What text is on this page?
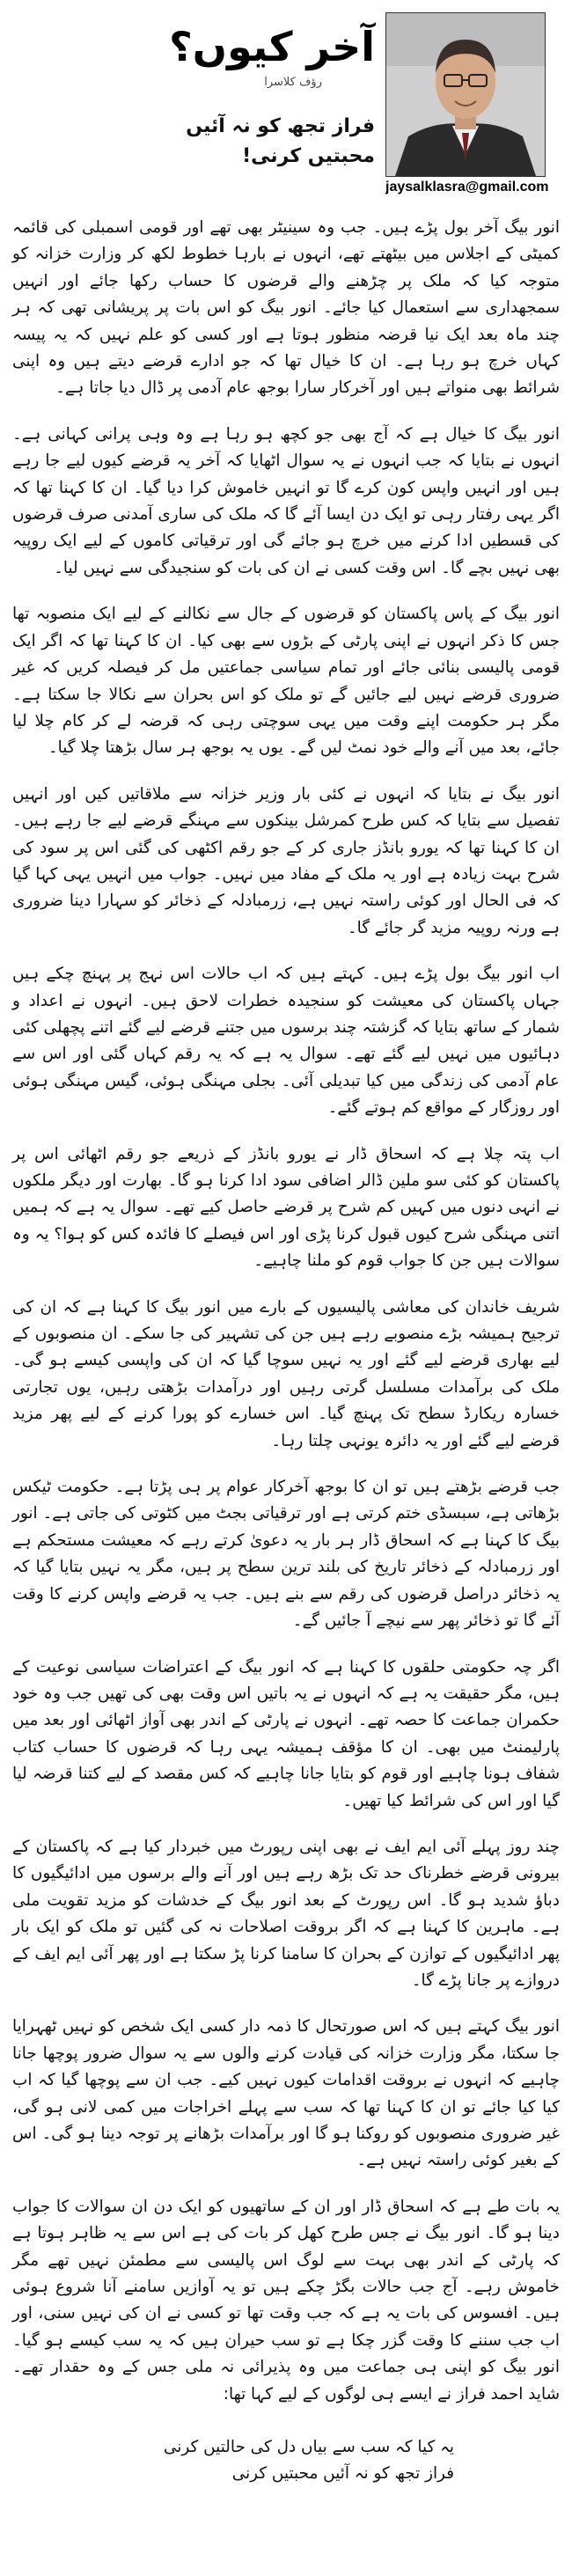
jaysalklasra@gmail.com
آخر کیوں؟
رؤف کلاسرا
فراز تجھ کو نہ آئیں محبتیں کرنی!

انور بیگ آخر بول پڑے ہیں۔ جب وہ سینیٹر بھی تھے اور قومی اسمبلی کی قائمہ کمیٹی کے اجلاس میں بیٹھتے تھے، انہوں نے بارہا خطوط لکھ کر وزارت خزانہ کو متوجہ کیا کہ ملک پر چڑھنے والے قرضوں کا حساب رکھا جائے اور انہیں سمجھداری سے استعمال کیا جائے۔ انور بیگ کو اس بات پر پریشانی تھی کہ ہر چند ماہ بعد ایک نیا قرضہ منظور ہوتا ہے اور کسی کو علم نہیں کہ یہ پیسہ کہاں خرچ ہو رہا ہے۔ ان کا خیال تھا کہ جو ادارے قرضے دیتے ہیں وہ اپنی شرائط بھی منواتے ہیں اور آخرکار سارا بوجھ عام آدمی پر ڈال دیا جاتا ہے۔

انور بیگ کا خیال ہے کہ آج بھی جو کچھ ہو رہا ہے وہ وہی پرانی کہانی ہے۔ انہوں نے بتایا کہ جب انہوں نے یہ سوال اٹھایا کہ آخر یہ قرضے کیوں لیے جا رہے ہیں اور انہیں واپس کون کرے گا تو انہیں خاموش کرا دیا گیا۔ ان کا کہنا تھا کہ اگر یہی رفتار رہی تو ایک دن ایسا آئے گا کہ ملک کی ساری آمدنی صرف قرضوں کی قسطیں ادا کرنے میں خرچ ہو جائے گی اور ترقیاتی کاموں کے لیے ایک روپیہ بھی نہیں بچے گا۔ اس وقت کسی نے ان کی بات کو سنجیدگی سے نہیں لیا۔

انور بیگ کے پاس پاکستان کو قرضوں کے جال سے نکالنے کے لیے ایک منصوبہ تھا جس کا ذکر انہوں نے اپنی پارٹی کے بڑوں سے بھی کیا۔ ان کا کہنا تھا کہ اگر ایک قومی پالیسی بنائی جائے اور تمام سیاسی جماعتیں مل کر فیصلہ کریں کہ غیر ضروری قرضے نہیں لیے جائیں گے تو ملک کو اس بحران سے نکالا جا سکتا ہے۔ مگر ہر حکومت اپنے وقت میں یہی سوچتی رہی کہ قرضہ لے کر کام چلا لیا جائے، بعد میں آنے والے خود نمٹ لیں گے۔ یوں یہ بوجھ ہر سال بڑھتا چلا گیا۔

انور بیگ نے بتایا کہ انہوں نے کئی بار وزیر خزانہ سے ملاقاتیں کیں اور انہیں تفصیل سے بتایا کہ کس طرح کمرشل بینکوں سے مہنگے قرضے لیے جا رہے ہیں۔ ان کا کہنا تھا کہ یورو بانڈز جاری کر کے جو رقم اکٹھی کی گئی اس پر سود کی شرح بہت زیادہ ہے اور یہ ملک کے مفاد میں نہیں۔ جواب میں انہیں یہی کہا گیا کہ فی الحال اور کوئی راستہ نہیں ہے، زرمبادلہ کے ذخائر کو سہارا دینا ضروری ہے ورنہ روپیہ مزید گر جائے گا۔

اب انور بیگ بول پڑے ہیں۔ کہتے ہیں کہ اب حالات اس نہج پر پہنچ چکے ہیں جہاں پاکستان کی معیشت کو سنجیدہ خطرات لاحق ہیں۔ انہوں نے اعداد و شمار کے ساتھ بتایا کہ گزشتہ چند برسوں میں جتنے قرضے لیے گئے اتنے پچھلی کئی دہائیوں میں نہیں لیے گئے تھے۔ سوال یہ ہے کہ یہ رقم کہاں گئی اور اس سے عام آدمی کی زندگی میں کیا تبدیلی آئی۔ بجلی مہنگی ہوئی، گیس مہنگی ہوئی اور روزگار کے مواقع کم ہوتے گئے۔

اب پتہ چلا ہے کہ اسحاق ڈار نے یورو بانڈز کے ذریعے جو رقم اٹھائی اس پر پاکستان کو کئی سو ملین ڈالر اضافی سود ادا کرنا ہو گا۔ بھارت اور دیگر ملکوں نے انہی دنوں میں کہیں کم شرح پر قرضے حاصل کیے تھے۔ سوال یہ ہے کہ ہمیں اتنی مہنگی شرح کیوں قبول کرنا پڑی اور اس فیصلے کا فائدہ کس کو ہوا؟ یہ وہ سوالات ہیں جن کا جواب قوم کو ملنا چاہیے۔

شریف خاندان کی معاشی پالیسیوں کے بارے میں انور بیگ کا کہنا ہے کہ ان کی ترجیح ہمیشہ بڑے منصوبے رہے ہیں جن کی تشہیر کی جا سکے۔ ان منصوبوں کے لیے بھاری قرضے لیے گئے اور یہ نہیں سوچا گیا کہ ان کی واپسی کیسے ہو گی۔ ملک کی برآمدات مسلسل گرتی رہیں اور درآمدات بڑھتی رہیں، یوں تجارتی خسارہ ریکارڈ سطح تک پہنچ گیا۔ اس خسارے کو پورا کرنے کے لیے پھر مزید قرضے لیے گئے اور یہ دائرہ یونہی چلتا رہا۔

جب قرضے بڑھتے ہیں تو ان کا بوجھ آخرکار عوام پر ہی پڑتا ہے۔ حکومت ٹیکس بڑھاتی ہے، سبسڈی ختم کرتی ہے اور ترقیاتی بجٹ میں کٹوتی کی جاتی ہے۔ انور بیگ کا کہنا ہے کہ اسحاق ڈار ہر بار یہ دعویٰ کرتے رہے کہ معیشت مستحکم ہے اور زرمبادلہ کے ذخائر تاریخ کی بلند ترین سطح پر ہیں، مگر یہ نہیں بتایا گیا کہ یہ ذخائر دراصل قرضوں کی رقم سے بنے ہیں۔ جب یہ قرضے واپس کرنے کا وقت آئے گا تو ذخائر پھر سے نیچے آ جائیں گے۔

اگر چہ حکومتی حلقوں کا کہنا ہے کہ انور بیگ کے اعتراضات سیاسی نوعیت کے ہیں، مگر حقیقت یہ ہے کہ انہوں نے یہ باتیں اس وقت بھی کی تھیں جب وہ خود حکمران جماعت کا حصہ تھے۔ انہوں نے پارٹی کے اندر بھی آواز اٹھائی اور بعد میں پارلیمنٹ میں بھی۔ ان کا مؤقف ہمیشہ یہی رہا کہ قرضوں کا حساب کتاب شفاف ہونا چاہیے اور قوم کو بتایا جانا چاہیے کہ کس مقصد کے لیے کتنا قرضہ لیا گیا اور اس کی شرائط کیا تھیں۔

چند روز پہلے آئی ایم ایف نے بھی اپنی رپورٹ میں خبردار کیا ہے کہ پاکستان کے بیرونی قرضے خطرناک حد تک بڑھ رہے ہیں اور آنے والے برسوں میں ادائیگیوں کا دباؤ شدید ہو گا۔ اس رپورٹ کے بعد انور بیگ کے خدشات کو مزید تقویت ملی ہے۔ ماہرین کا کہنا ہے کہ اگر بروقت اصلاحات نہ کی گئیں تو ملک کو ایک بار پھر ادائیگیوں کے توازن کے بحران کا سامنا کرنا پڑ سکتا ہے اور پھر آئی ایم ایف کے دروازے پر جانا پڑے گا۔

انور بیگ کہتے ہیں کہ اس صورتحال کا ذمہ دار کسی ایک شخص کو نہیں ٹھہرایا جا سکتا، مگر وزارت خزانہ کی قیادت کرنے والوں سے یہ سوال ضرور پوچھا جانا چاہیے کہ انہوں نے بروقت اقدامات کیوں نہیں کیے۔ جب ان سے پوچھا گیا کہ اب کیا کیا جائے تو ان کا کہنا تھا کہ سب سے پہلے اخراجات میں کمی لانی ہو گی، غیر ضروری منصوبوں کو روکنا ہو گا اور برآمدات بڑھانے پر توجہ دینا ہو گی۔ اس کے بغیر کوئی راستہ نہیں ہے۔

یہ بات طے ہے کہ اسحاق ڈار اور ان کے ساتھیوں کو ایک دن ان سوالات کا جواب دینا ہو گا۔ انور بیگ نے جس طرح کھل کر بات کی ہے اس سے یہ ظاہر ہوتا ہے کہ پارٹی کے اندر بھی بہت سے لوگ اس پالیسی سے مطمئن نہیں تھے مگر خاموش رہے۔ آج جب حالات بگڑ چکے ہیں تو یہ آوازیں سامنے آنا شروع ہوئی ہیں۔ افسوس کی بات یہ ہے کہ جب وقت تھا تو کسی نے ان کی نہیں سنی، اور اب جب سننے کا وقت گزر چکا ہے تو سب حیران ہیں کہ یہ سب کیسے ہو گیا۔ انور بیگ کو اپنی ہی جماعت میں وہ پذیرائی نہ ملی جس کے وہ حقدار تھے۔ شاید احمد فراز نے ایسے ہی لوگوں کے لیے کہا تھا:

یہ کیا کہ سب سے بیاں دل کی حالتیں کرنی
فراز تجھ کو نہ آئیں محبتیں کرنی
